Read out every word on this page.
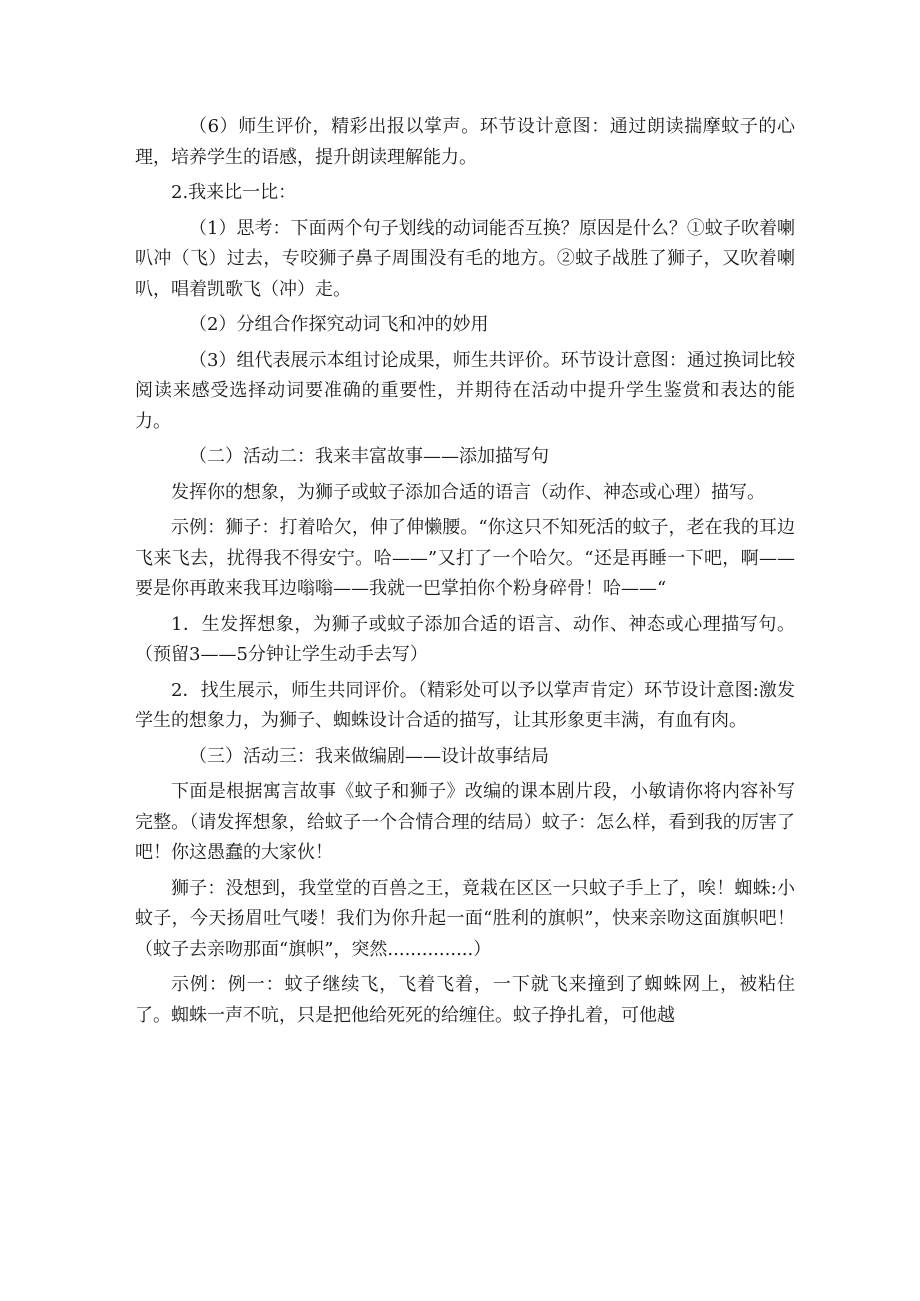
（6）师生评价，精彩出报以掌声。环节设计意图：通过朗读揣摩蚊子的心理，培养学生的语感，提升朗读理解能力。

2.我来比一比：

（1）思考：下面两个句子划线的动词能否互换？原因是什么？①蚊子吹着喇叭冲（飞）过去，专咬狮子鼻子周围没有毛的地方。②蚊子战胜了狮子，又吹着喇叭，唱着凯歌飞（冲）走。

（2）分组合作探究动词飞和冲的妙用

（3）组代表展示本组讨论成果，师生共评价。环节设计意图：通过换词比较阅读来感受选择动词要准确的重要性，并期待在活动中提升学生鉴赏和表达的能力。

（二）活动二：我来丰富故事——添加描写句

发挥你的想象，为狮子或蚊子添加合适的语言（动作、神态或心理）描写。

示例：狮子：打着哈欠，伸了伸懒腰。“你这只不知死活的蚊子，老在我的耳边飞来飞去，扰得我不得安宁。哈——”又打了一个哈欠。“还是再睡一下吧，啊——要是你再敢来我耳边嗡嗡——我就一巴掌拍你个粉身碎骨！哈——“

1．生发挥想象，为狮子或蚊子添加合适的语言、动作、神态或心理描写句。（预留3——5分钟让学生动手去写）

2．找生展示，师生共同评价。（精彩处可以予以掌声肯定）环节设计意图:激发学生的想象力，为狮子、蜘蛛设计合适的描写，让其形象更丰满，有血有肉。

（三）活动三：我来做编剧——设计故事结局

下面是根据寓言故事《蚊子和狮子》改编的课本剧片段，小敏请你将内容补写完整。（请发挥想象，给蚊子一个合情合理的结局）蚊子：怎么样，看到我的厉害了吧！你这愚蠢的大家伙！

狮子：没想到，我堂堂的百兽之王，竟栽在区区一只蚊子手上了，唉！蜘蛛:小蚊子，今天扬眉吐气喽！我们为你升起一面“胜利的旗帜”，快来亲吻这面旗帜吧！（蚊子去亲吻那面“旗帜”，突然...............）

示例：例一：蚊子继续飞，飞着飞着，一下就飞来撞到了蜘蛛网上，被粘住了。蜘蛛一声不吭，只是把他给死死的给缠住。蚊子挣扎着，可他越
